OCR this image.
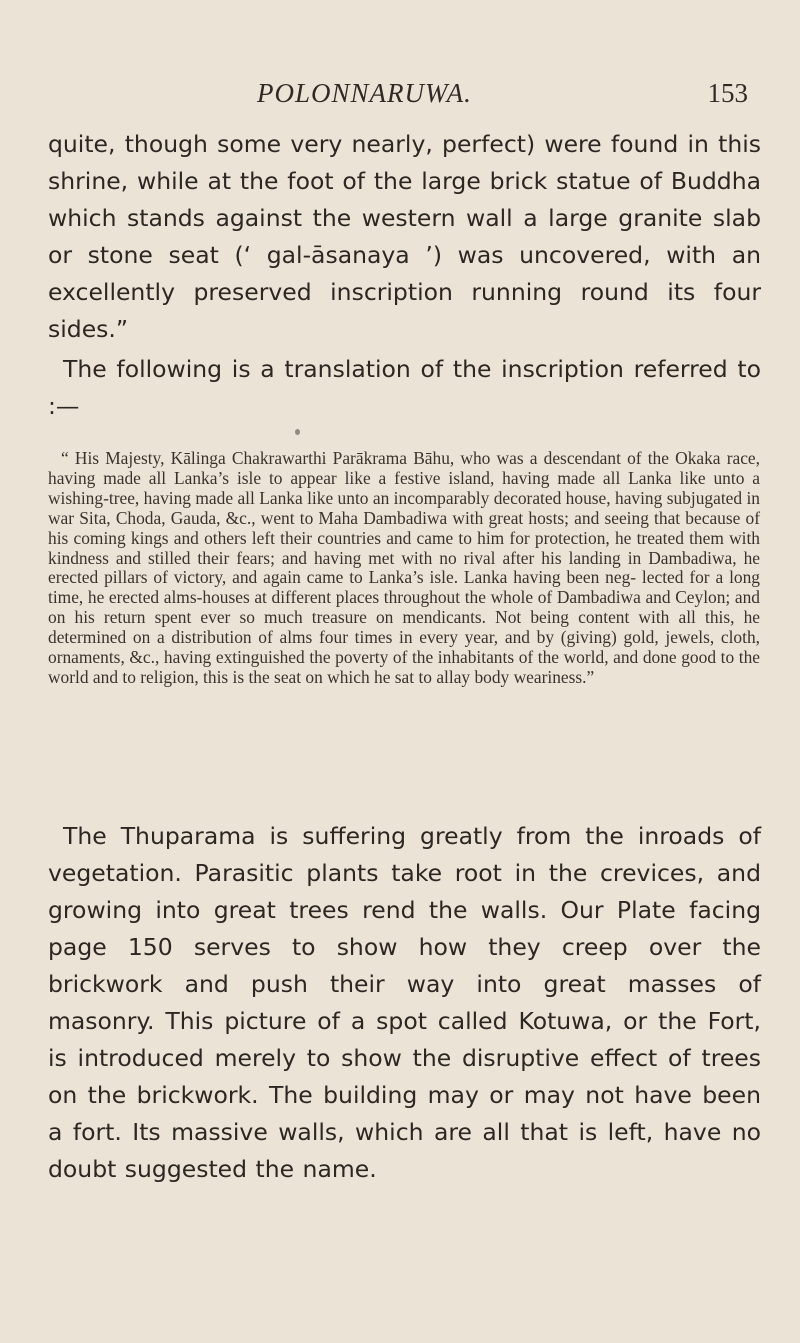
POLONNARUWA.	153

quite, though some very nearly, perfect) were found in this shrine, while at the foot of the large brick statue of Buddha which stands against the western wall a large granite slab or stone seat (‘ gal-āsanaya ’) was uncovered, with an excellently preserved inscription running round its four sides.”

The following is a translation of the inscription referred to :—

“ His Majesty, Kālinga Chakrawarthi Parākrama Bāhu, who was a descendant of the Okaka race, having made all Lanka’s isle to appear like a festive island, having made all Lanka like unto a wishing-tree, having made all Lanka like unto an incomparably decorated house, having subjugated in war Sita, Choda, Gauda, &c., went to Maha Dambadiwa with great hosts; and seeing that because of his coming kings and others left their countries and came to him for protection, he treated them with kindness and stilled their fears; and having met with no rival after his landing in Dambadiwa, he erected pillars of victory, and again came to Lanka’s isle. Lanka having been neg- lected for a long time, he erected alms-houses at different places throughout the whole of Dambadiwa and Ceylon; and on his return spent ever so much treasure on mendicants. Not being content with all this, he determined on a distribution of alms four times in every year, and by (giving) gold, jewels, cloth, ornaments, &c., having extinguished the poverty of the inhabitants of the world, and done good to the world and to religion, this is the seat on which he sat to allay body weariness.”

The Thuparama is suffering greatly from the inroads of vegetation. Parasitic plants take root in the crevices, and growing into great trees rend the walls. Our Plate facing page 150 serves to show how they creep over the brickwork and push their way into great masses of masonry. This picture of a spot called Kotuwa, or the Fort, is introduced merely to show the disruptive effect of trees on the brickwork. The building may or may not have been a fort. Its massive walls, which are all that is left, have no doubt suggested the name.
